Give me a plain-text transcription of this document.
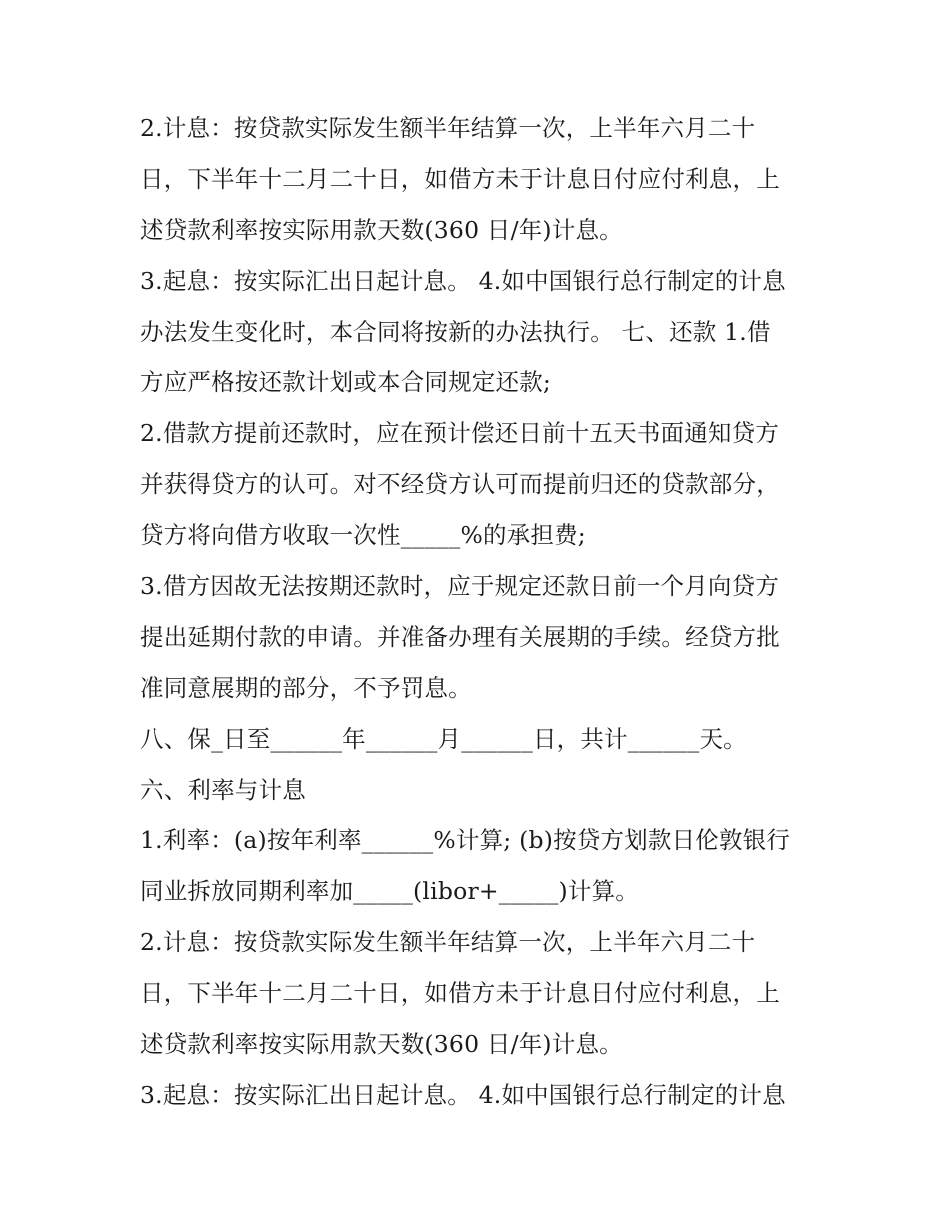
2.计息：按贷款实际发生额半年结算一次，上半年六月二十
日，下半年十二月二十日，如借方未于计息日付应付利息，上
述贷款利率按实际用款天数(360 日/年)计息。
3.起息：按实际汇出日起计息。 4.如中国银行总行制定的计息
办法发生变化时，本合同将按新的办法执行。 七、还款 1.借
方应严格按还款计划或本合同规定还款;
2.借款方提前还款时，应在预计偿还日前十五天书面通知贷方
并获得贷方的认可。对不经贷方认可而提前归还的贷款部分，
贷方将向借方收取一次性_____%的承担费;
3.借方因故无法按期还款时，应于规定还款日前一个月向贷方
提出延期付款的申请。并准备办理有关展期的手续。经贷方批
准同意展期的部分，不予罚息。
八、保_日至______年______月______日，共计______天。
六、利率与计息
1.利率：(a)按年利率______%计算; (b)按贷方划款日伦敦银行
同业拆放同期利率加_____(libor+_____)计算。
2.计息：按贷款实际发生额半年结算一次，上半年六月二十
日，下半年十二月二十日，如借方未于计息日付应付利息，上
述贷款利率按实际用款天数(360 日/年)计息。
3.起息：按实际汇出日起计息。 4.如中国银行总行制定的计息
